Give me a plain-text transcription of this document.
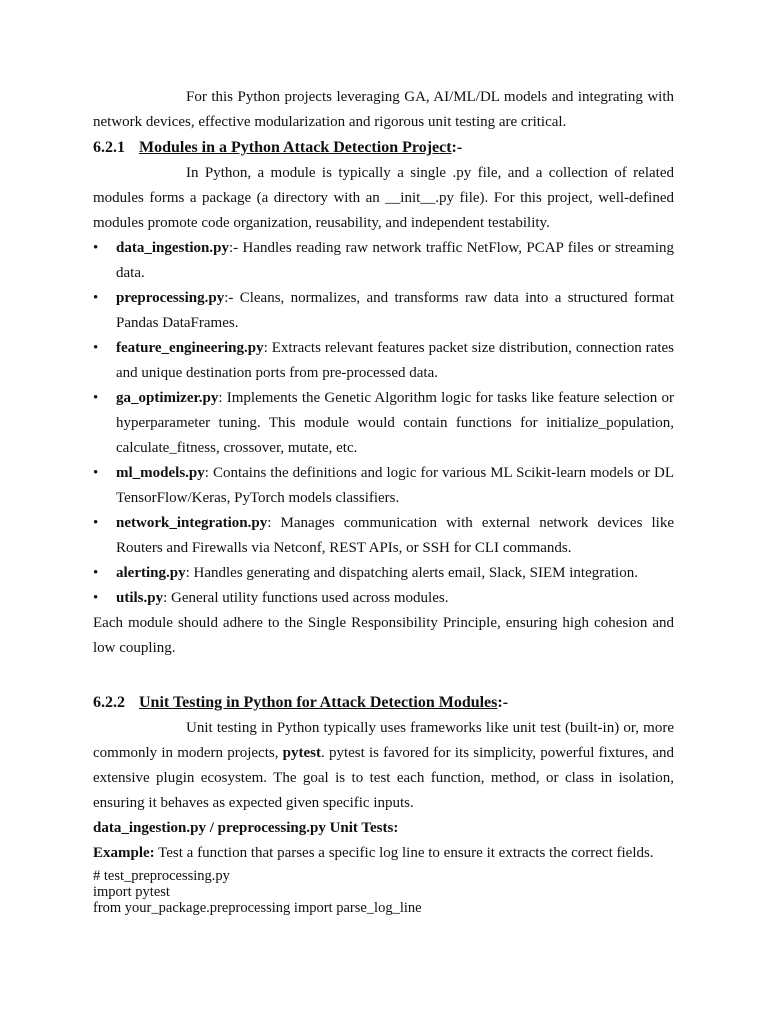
For this Python projects leveraging GA, AI/ML/DL models and integrating with network devices, effective modularization and rigorous unit testing are critical.

6.2.1 Modules in a Python Attack Detection Project:-

In Python, a module is typically a single .py file, and a collection of related modules forms a package (a directory with an __init__.py file). For this project, well-defined modules promote code organization, reusability, and independent testability.

• data_ingestion.py:- Handles reading raw network traffic NetFlow, PCAP files or streaming data.
• preprocessing.py:- Cleans, normalizes, and transforms raw data into a structured format Pandas DataFrames.
• feature_engineering.py: Extracts relevant features packet size distribution, connection rates and unique destination ports from pre-processed data.
• ga_optimizer.py: Implements the Genetic Algorithm logic for tasks like feature selection or hyperparameter tuning. This module would contain functions for initialize_population, calculate_fitness, crossover, mutate, etc.
• ml_models.py: Contains the definitions and logic for various ML Scikit-learn models or DL TensorFlow/Keras, PyTorch models classifiers.
• network_integration.py: Manages communication with external network devices like Routers and Firewalls via Netconf, REST APIs, or SSH for CLI commands.
• alerting.py: Handles generating and dispatching alerts email, Slack, SIEM integration.
• utils.py: General utility functions used across modules.

Each module should adhere to the Single Responsibility Principle, ensuring high cohesion and low coupling.

6.2.2 Unit Testing in Python for Attack Detection Modules:-

Unit testing in Python typically uses frameworks like unit test (built-in) or, more commonly in modern projects, pytest. pytest is favored for its simplicity, powerful fixtures, and extensive plugin ecosystem. The goal is to test each function, method, or class in isolation, ensuring it behaves as expected given specific inputs.

data_ingestion.py / preprocessing.py Unit Tests:

Example: Test a function that parses a specific log line to ensure it extracts the correct fields.

# test_preprocessing.py
import pytest
from your_package.preprocessing import parse_log_line
